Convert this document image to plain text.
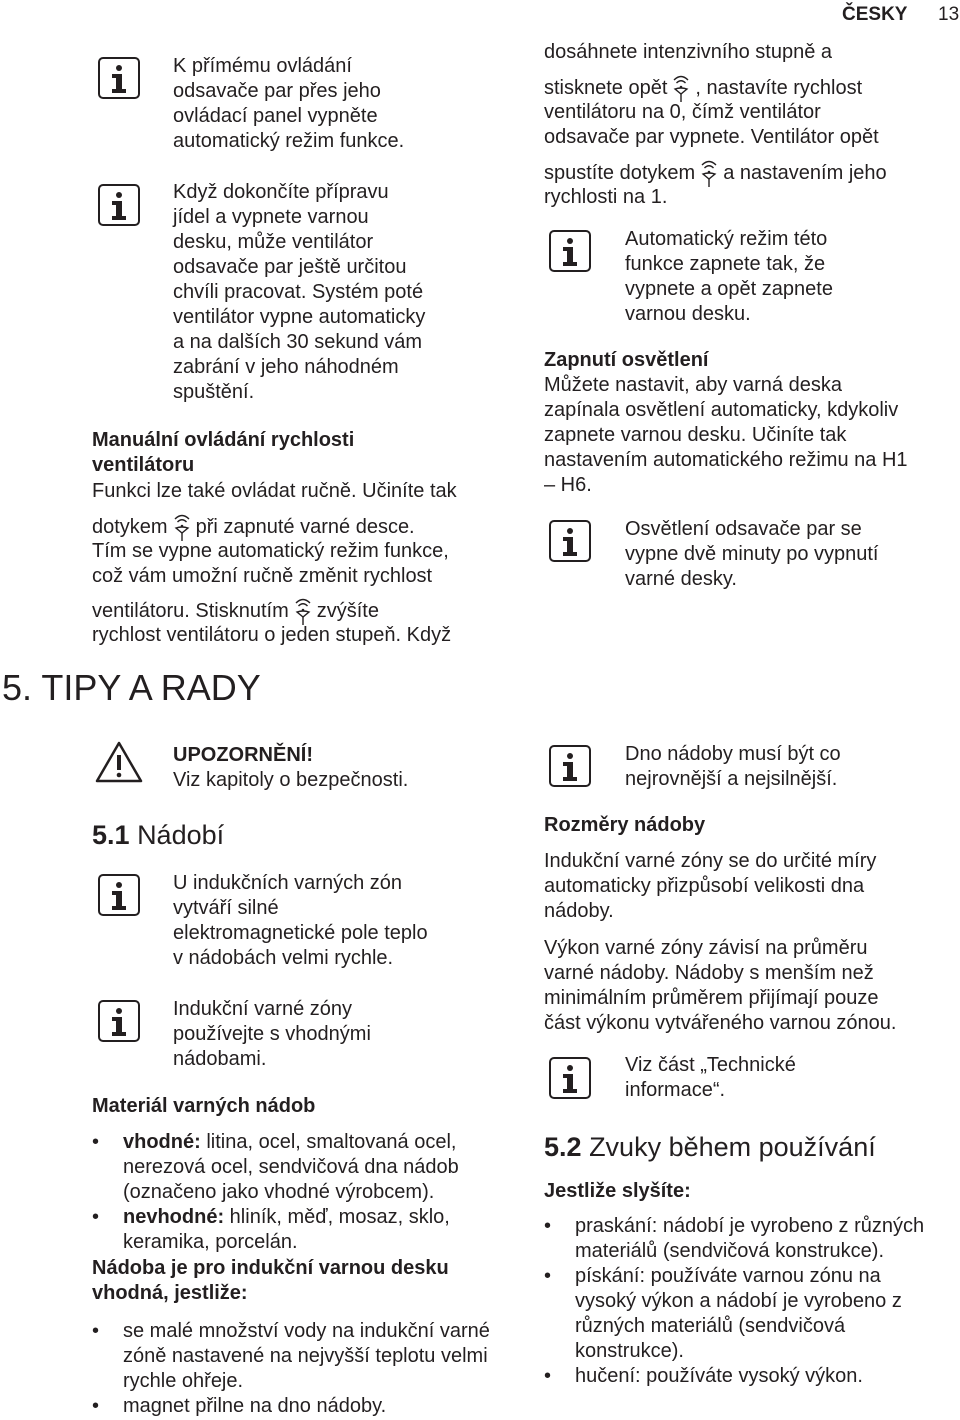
ČESKY 13
K přímému ovládání
odsavače par přes jeho
ovládací panel vypněte
automatický režim funkce.
Když dokončíte přípravu
jídel a vypnete varnou
desku, může ventilátor
odsavače par ještě určitou
chvíli pracovat. Systém poté
ventilátor vypne automaticky
a na dalších 30 sekund vám
zabrání v jeho náhodném
spuštění.
Manuální ovládání rychlosti
ventilátoru
Funkci lze také ovládat ručně. Učiníte tak
dotykem při zapnuté varné desce.
Tím se vypne automatický režim funkce,
což vám umožní ručně změnit rychlost
ventilátoru. Stisknutím zvýšíte
rychlost ventilátoru o jeden stupeň. Když
5. TIPY A RADY
UPOZORNĚNÍ!
Viz kapitoly o bezpečnosti.
5.1 Nádobí
U indukčních varných zón
vytváří silné
elektromagnetické pole teplo
v nádobách velmi rychle.
Indukční varné zóny
používejte s vhodnými
nádobami.
Materiál varných nádob
• vhodné: litina, ocel, smaltovaná ocel, nerezová ocel, sendvičová dna nádob (označeno jako vhodné výrobcem).
• nevhodné: hliník, měď, mosaz, sklo, keramika, porcelán.
Nádoba je pro indukční varnou desku
vhodná, jestliže:
• se malé množství vody na indukční varné zóně nastavené na nejvyšší teplotu velmi rychle ohřeje.
• magnet přilne na dno nádoby.
dosáhnete intenzivního stupně a
stisknete opět , nastavíte rychlost
ventilátoru na 0, čímž ventilátor
odsavače par vypnete. Ventilátor opět
spustíte dotykem a nastavením jeho
rychlosti na 1.
Automatický režim této
funkce zapnete tak, že
vypnete a opět zapnete
varnou desku.
Zapnutí osvětlení
Můžete nastavit, aby varná deska
zapínala osvětlení automaticky, kdykoliv
zapnete varnou desku. Učiníte tak
nastavením automatického režimu na H1
– H6.
Osvětlení odsavače par se
vypne dvě minuty po vypnutí
varné desky.
Dno nádoby musí být co
nejrovnější a nejsilnější.
Rozměry nádoby
Indukční varné zóny se do určité míry
automaticky přizpůsobí velikosti dna
nádoby.
Výkon varné zóny závisí na průměru
varné nádoby. Nádoby s menším než
minimálním průměrem přijímají pouze
část výkonu vytvářeného varnou zónou.
Viz část „Technické
informace“.
5.2 Zvuky během používání
Jestliže slyšíte:
• praskání: nádobí je vyrobeno z různých materiálů (sendvičová konstrukce).
• pískání: používáte varnou zónu na vysoký výkon a nádobí je vyrobeno z různých materiálů (sendvičová konstrukce).
• hučení: používáte vysoký výkon.
